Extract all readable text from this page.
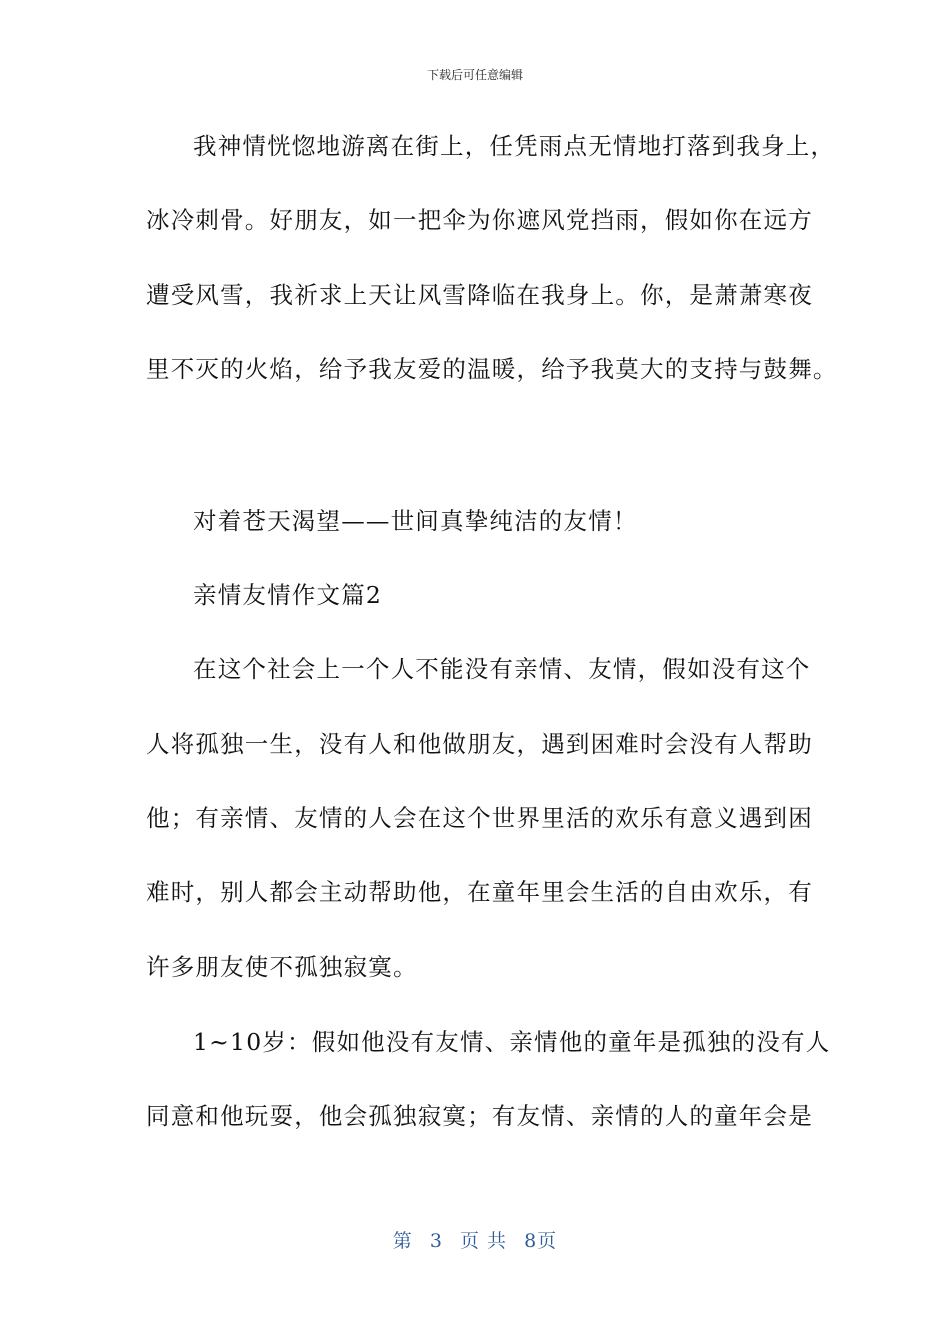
下载后可任意编辑
我神情恍惚地游离在街上，任凭雨点无情地打落到我身上，
冰冷刺骨。好朋友，如一把伞为你遮风党挡雨，假如你在远方
遭受风雪，我祈求上天让风雪降临在我身上。你，是萧萧寒夜
里不灭的火焰，给予我友爱的温暖，给予我莫大的支持与鼓舞。
对着苍天渴望——世间真挚纯洁的友情！
亲情友情作文篇2
在这个社会上一个人不能没有亲情、友情，假如没有这个
人将孤独一生，没有人和他做朋友，遇到困难时会没有人帮助
他；有亲情、友情的人会在这个世界里活的欢乐有意义遇到困
难时，别人都会主动帮助他，在童年里会生活的自由欢乐，有
许多朋友使不孤独寂寞。
1~10岁：假如他没有友情、亲情他的童年是孤独的没有人
同意和他玩耍，他会孤独寂寞；有友情、亲情的人的童年会是
第 3 页 共 8页
